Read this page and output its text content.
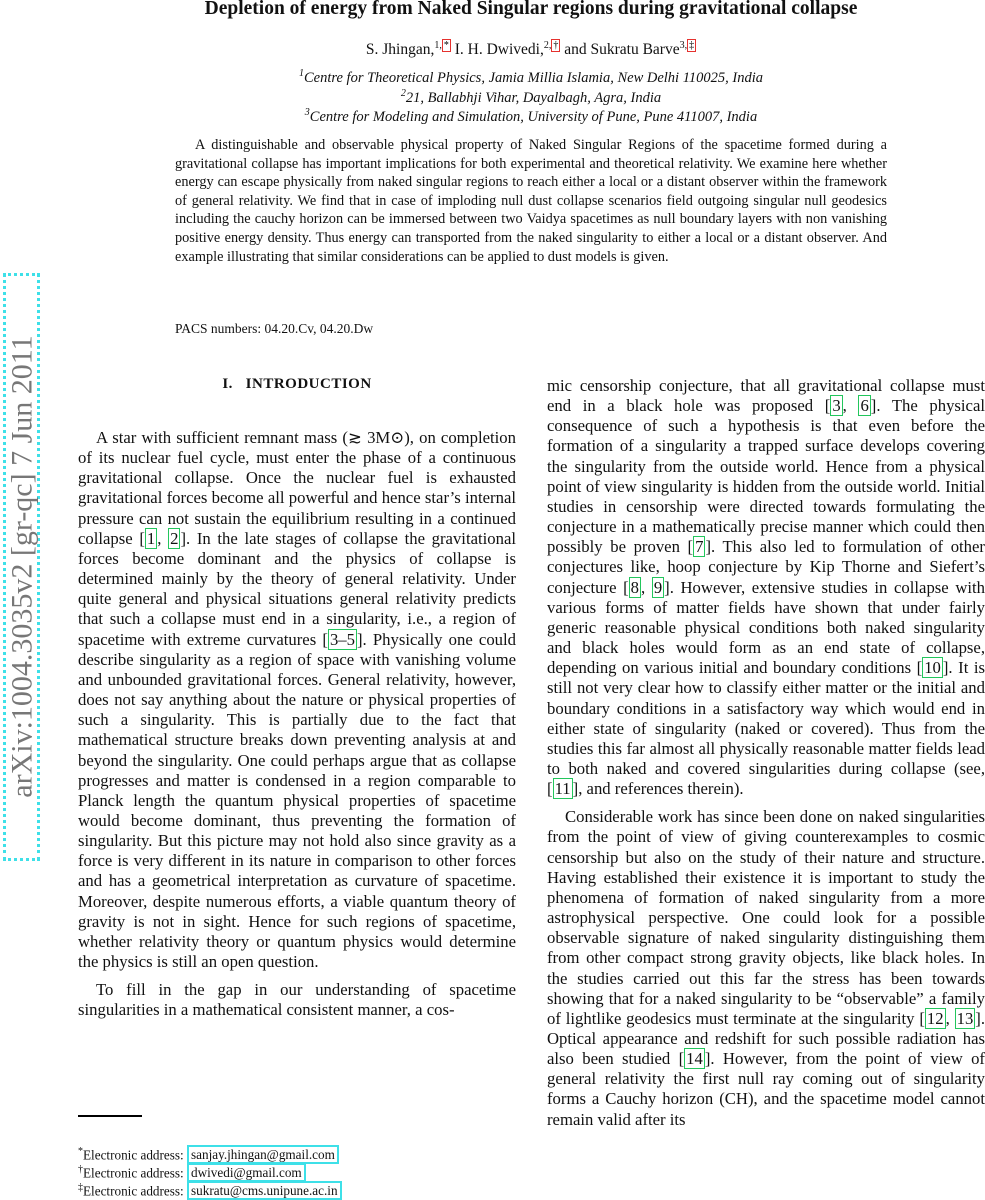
Depletion of energy from Naked Singular regions during gravitational collapse
S. Jhingan,$^{1,}$ * I. H. Dwivedi,$^{2,}$ † and Sukratu Barve$^{3,}$ ‡
$^1$Centre for Theoretical Physics, Jamia Millia Islamia, New Delhi 110025, India
$^2$21, Ballabhji Vihar, Dayalbagh, Agra, India
$^3$Centre for Modeling and Simulation, University of Pune, Pune 411007, India
A distinguishable and observable physical property of Naked Singular Regions of the spacetime formed during a gravitational collapse has important implications for both experimental and theoretical relativity. We examine here whether energy can escape physically from naked singular regions to reach either a local or a distant observer within the framework of general relativity. We find that in case of imploding null dust collapse scenarios field outgoing singular null geodesics including the cauchy horizon can be immersed between two Vaidya spacetimes as null boundary layers with non vanishing positive energy density. Thus energy can transported from the naked singularity to either a local or a distant observer. And example illustrating that similar considerations can be applied to dust models is given.
PACS numbers: 04.20.Cv, 04.20.Dw
arXiv:1004.3035v2 [gr-qc] 7 Jun 2011	I. INTRODUCTION

A star with sufficient remnant mass (≳ 3M⊙), on completion of its nuclear fuel cycle, must enter the phase of a continuous gravitational collapse. Once the nuclear fuel is exhausted gravitational forces become all powerful and hence star’s internal pressure can not sustain the equilibrium resulting in a continued collapse [ 1 , 2 ]. In the late stages of collapse the gravitational forces become dominant and the physics of collapse is determined mainly by the theory of general relativity. Under quite general and physical situations general relativity predicts that such a collapse must end in a singularity, i.e., a region of spacetime with extreme curvatures [ 3–5 ]. Physically one could describe singularity as a region of space with vanishing volume and unbounded gravitational forces. General relativity, however, does not say anything about the nature or physical properties of such a singularity. This is partially due to the fact that mathematical structure breaks down preventing analysis at and beyond the singularity. One could perhaps argue that as collapse progresses and matter is condensed in a region comparable to Planck length the quantum physical properties of spacetime would become dominant, thus preventing the formation of singularity. But this picture may not hold also since gravity as a force is very different in its nature in comparison to other forces and has a geometrical interpretation as curvature of spacetime. Moreover, despite numerous efforts, a viable quantum theory of gravity is not in sight. Hence for such regions of spacetime, whether relativity theory or quantum physics would determine the physics is still an open question.

To fill in the gap in our understanding of spacetime singularities in a mathematical consistent manner, a cos-

mic censorship conjecture, that all gravitational collapse must end in a black hole was proposed [ 3 , 6 ]. The physical consequence of such a hypothesis is that even before the formation of a singularity a trapped surface develops covering the singularity from the outside world. Hence from a physical point of view singularity is hidden from the outside world. Initial studies in censorship were directed towards formulating the conjecture in a mathematically precise manner which could then possibly be proven [ 7 ]. This also led to formulation of other conjectures like, hoop conjecture by Kip Thorne and Siefert’s conjecture [ 8 , 9 ]. However, extensive studies in collapse with various forms of matter fields have shown that under fairly generic reasonable physical conditions both naked singularity and black holes would form as an end state of collapse, depending on various initial and boundary conditions [ 10 ]. It is still not very clear how to classify either matter or the initial and boundary conditions in a satisfactory way which would end in either state of singularity (naked or covered). Thus from the studies this far almost all physically reasonable matter fields lead to both naked and covered singularities during collapse (see, [ 11 ], and references therein).

Considerable work has since been done on naked singularities from the point of view of giving counterexamples to cosmic censorship but also on the study of their nature and structure. Having established their existence it is important to study the phenomena of formation of naked singularity from a more astrophysical perspective. One could look for a possible observable signature of naked singularity distinguishing them from other compact strong gravity objects, like black holes. In the studies carried out this far the stress has been towards showing that for a naked singularity to be “observable” a family of lightlike geodesics must terminate at the singularity [ 12 , 13 ]. Optical appearance and redshift for such possible radiation has also been studied [ 14 ]. However, from the point of view of general relativity the first null ray coming out of singularity forms a Cauchy horizon (CH), and the spacetime model cannot remain valid after its

*Electronic address: sanjay.jhingan@gmail.com
†Electronic address: dwivedi@gmail.com
‡Electronic address: sukratu@cms.unipune.ac.in
